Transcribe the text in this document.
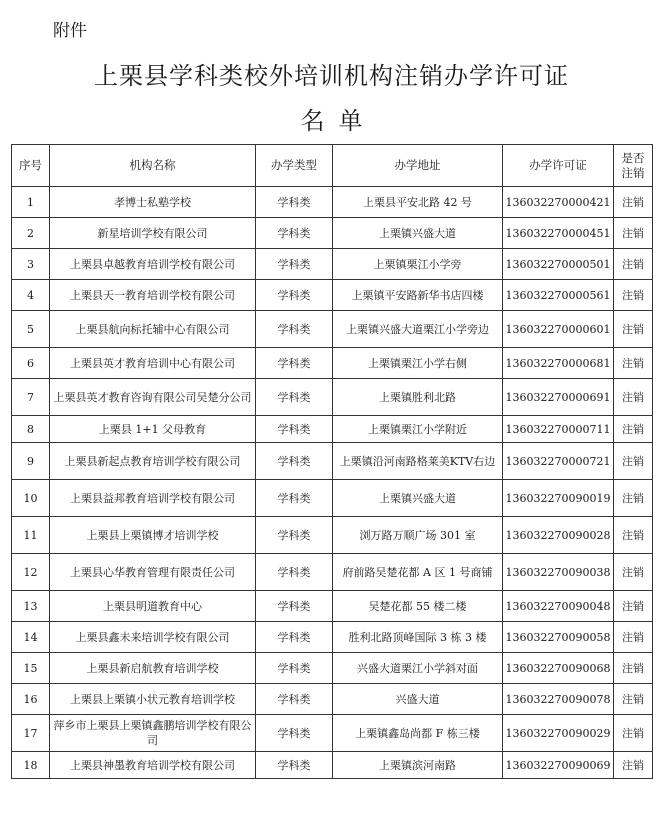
附件
上栗县学科类校外培训机构注销办学许可证
名单
序号	机构名称	办学类型	办学地址	办学许可证	是否注销
1	孝博士私塾学校	学科类	上栗县平安北路 42 号	136032270000421	注销
2	新星培训学校有限公司	学科类	上栗镇兴盛大道	136032270000451	注销
3	上栗县卓越教育培训学校有限公司	学科类	上栗镇栗江小学旁	136032270000501	注销
4	上栗县天一教育培训学校有限公司	学科类	上栗镇平安路新华书店四楼	136032270000561	注销
5	上栗县航向标托辅中心有限公司	学科类	上栗镇兴盛大道栗江小学旁边	136032270000601	注销
6	上栗县英才教育培训中心有限公司	学科类	上栗镇栗江小学右侧	136032270000681	注销
7	上栗县英才教育咨询有限公司吴楚分公司	学科类	上栗镇胜利北路	136032270000691	注销
8	上栗县 1+1 父母教育	学科类	上栗镇栗江小学附近	136032270000711	注销
9	上栗县新起点教育培训学校有限公司	学科类	上栗镇沿河南路格莱美KTV右边	136032270000721	注销
10	上栗县益邦教育培训学校有限公司	学科类	上栗镇兴盛大道	136032270090019	注销
11	上栗县上栗镇博才培训学校	学科类	浏万路万顺广场 301 室	136032270090028	注销
12	上栗县心华教育管理有限责任公司	学科类	府前路吴楚花都 A 区 1 号商铺	136032270090038	注销
13	上栗县明道教育中心	学科类	吴楚花都 55 楼二楼	136032270090048	注销
14	上栗县鑫未来培训学校有限公司	学科类	胜利北路顶峰国际 3 栋 3 楼	136032270090058	注销
15	上栗县新启航教育培训学校	学科类	兴盛大道栗江小学斜对面	136032270090068	注销
16	上栗县上栗镇小状元教育培训学校	学科类	兴盛大道	136032270090078	注销
17	萍乡市上栗县上栗镇鑫鹏培训学校有限公司	学科类	上栗镇鑫岛尚都 F 栋三楼	136032270090029	注销
18	上栗县神墨教育培训学校有限公司	学科类	上栗镇滨河南路	136032270090069	注销
